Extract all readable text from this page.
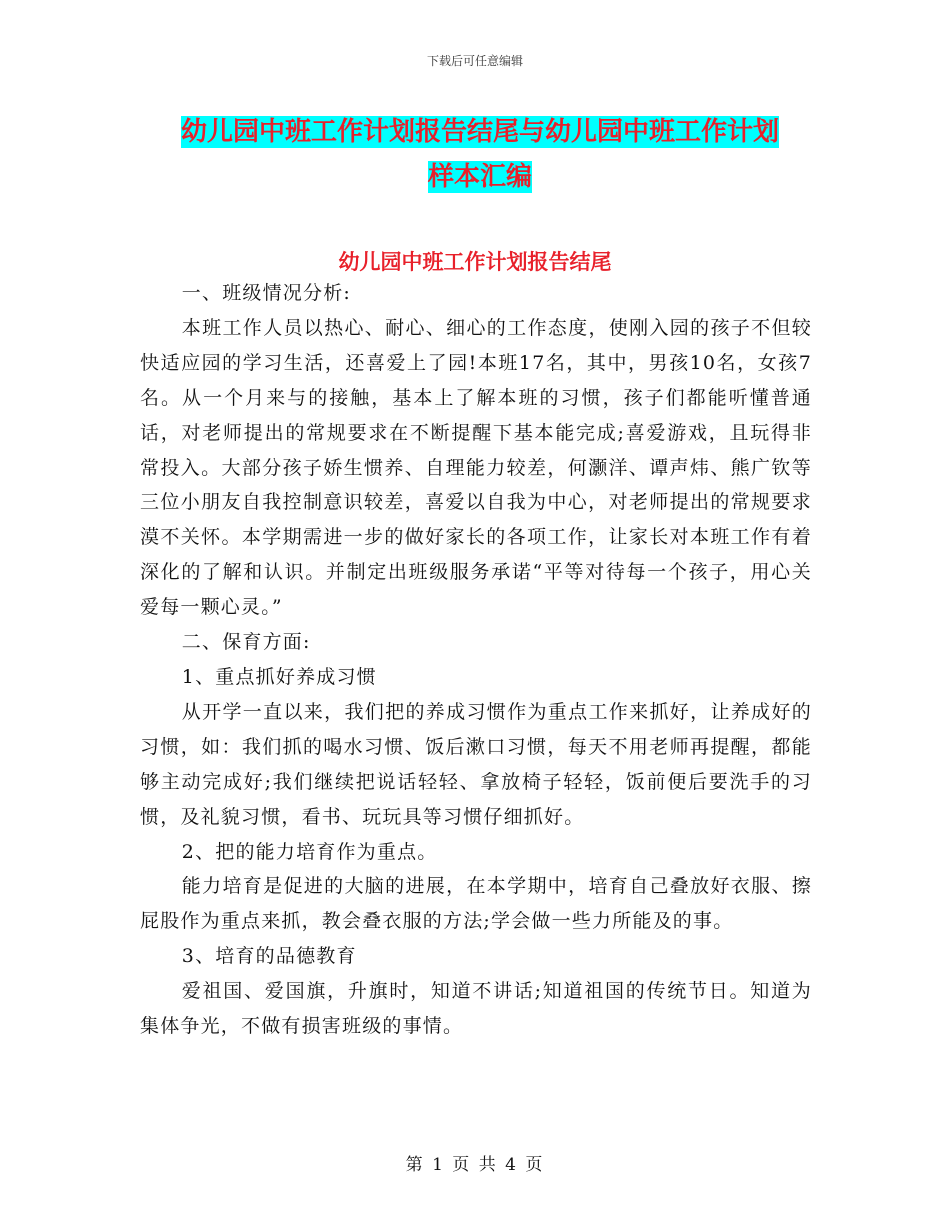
下载后可任意编辑
幼儿园中班工作计划报告结尾与幼儿园中班工作计划
样本汇编
幼儿园中班工作计划报告结尾

一、班级情况分析:

本班工作人员以热心、耐心、细心的工作态度，使刚入园的孩子不但较快适应园的学习生活，还喜爱上了园!本班17名，其中，男孩10名，女孩7名。从一个月来与的接触，基本上了解本班的习惯，孩子们都能听懂普通话，对老师提出的常规要求在不断提醒下基本能完成;喜爱游戏，且玩得非常投入。大部分孩子娇生惯养、自理能力较差，何灏洋、谭声炜、熊广钦等三位小朋友自我控制意识较差，喜爱以自我为中心，对老师提出的常规要求漠不关怀。本学期需进一步的做好家长的各项工作，让家长对本班工作有着深化的了解和认识。并制定出班级服务承诺“平等对待每一个孩子，用心关爱每一颗心灵。”

二、保育方面:

1、重点抓好养成习惯

从开学一直以来，我们把的养成习惯作为重点工作来抓好，让养成好的习惯，如：我们抓的喝水习惯、饭后漱口习惯，每天不用老师再提醒，都能够主动完成好;我们继续把说话轻轻、拿放椅子轻轻，饭前便后要洗手的习惯，及礼貌习惯，看书、玩玩具等习惯仔细抓好。

2、把的能力培育作为重点。

能力培育是促进的大脑的进展，在本学期中，培育自己叠放好衣服、擦屁股作为重点来抓，教会叠衣服的方法;学会做一些力所能及的事。

3、培育的品德教育

爱祖国、爱国旗，升旗时，知道不讲话;知道祖国的传统节日。知道为集体争光，不做有损害班级的事情。

第 1 页 共 4 页
